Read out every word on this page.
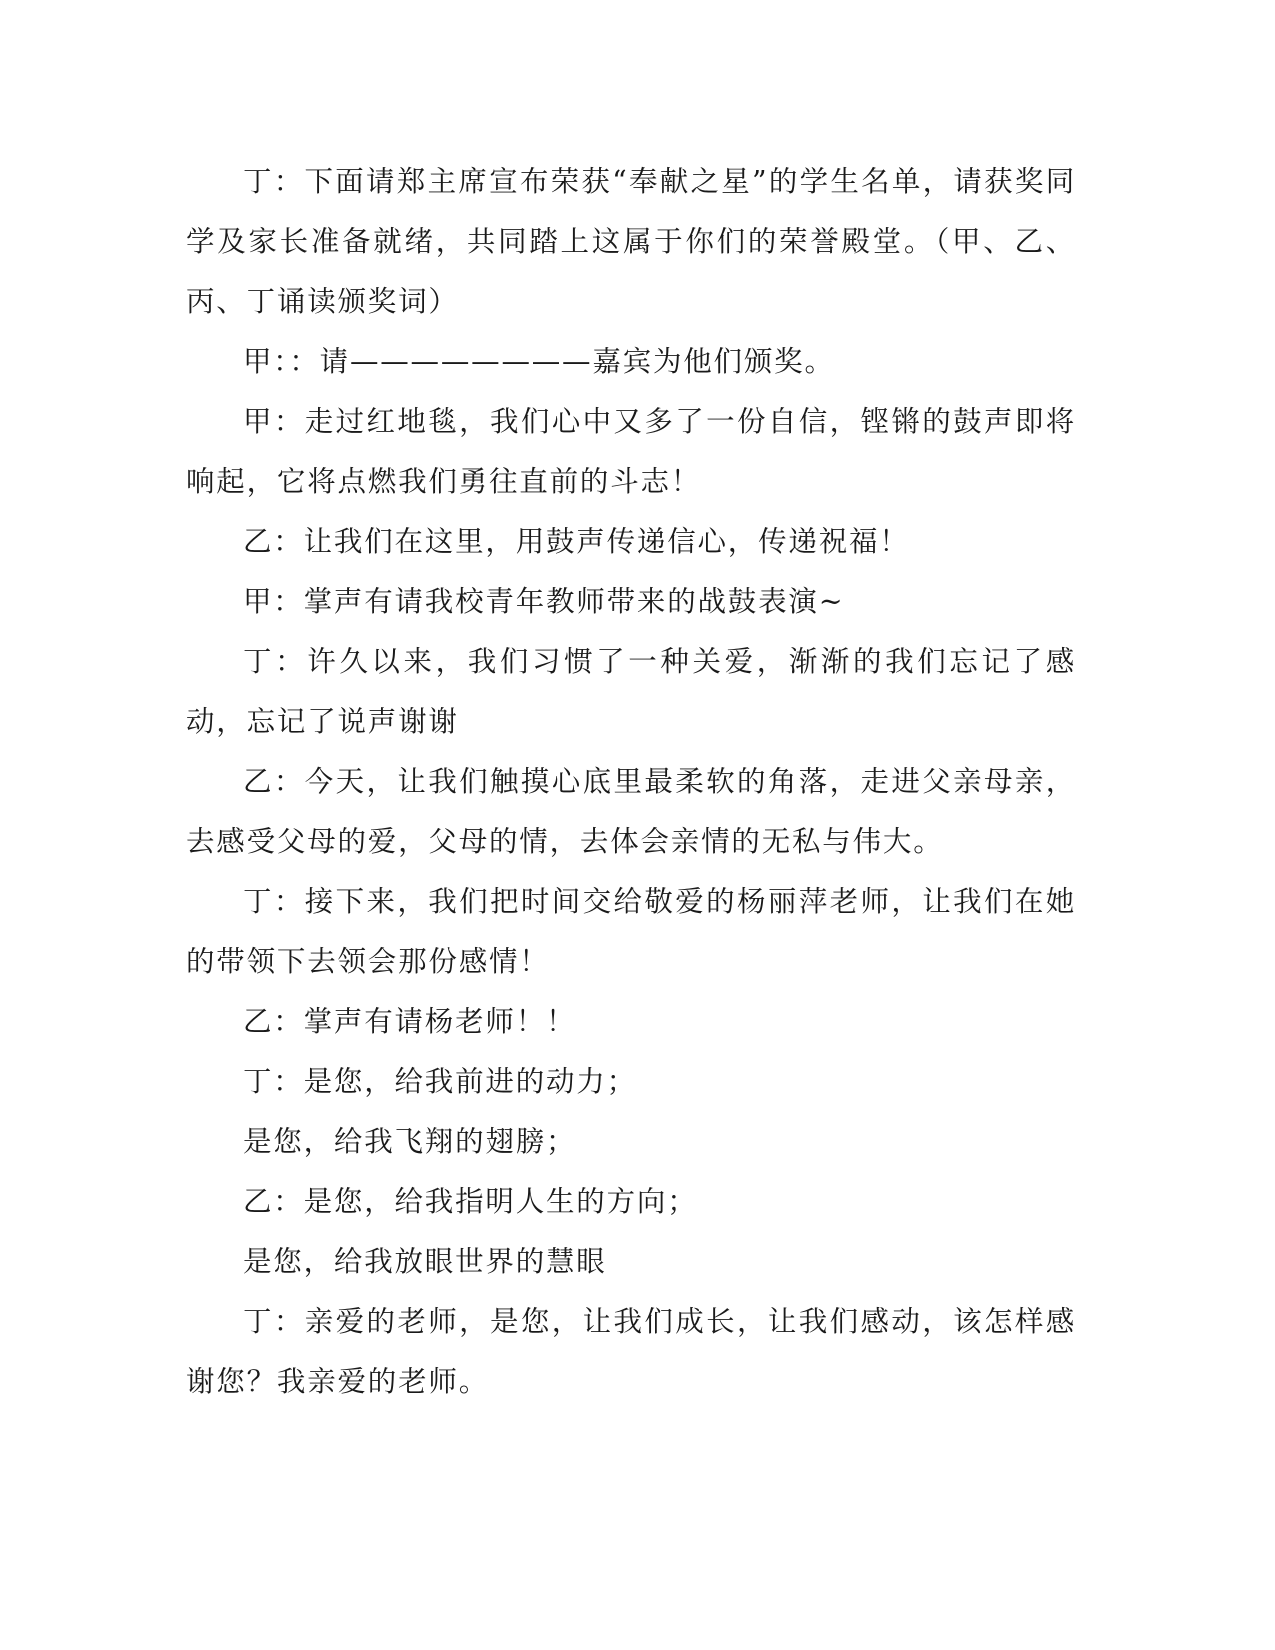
丁：下面请郑主席宣布荣获“奉献之星”的学生名单，请获奖同学及家长准备就绪，共同踏上这属于你们的荣誉殿堂。（甲、乙、丙、丁诵读颁奖词）

甲：：请————————嘉宾为他们颁奖。

甲：走过红地毯，我们心中又多了一份自信，铿锵的鼓声即将响起，它将点燃我们勇往直前的斗志！

乙：让我们在这里，用鼓声传递信心，传递祝福！

甲：掌声有请我校青年教师带来的战鼓表演~

丁：许久以来，我们习惯了一种关爱，渐渐的我们忘记了感动，忘记了说声谢谢

乙：今天，让我们触摸心底里最柔软的角落，走进父亲母亲，去感受父母的爱，父母的情，去体会亲情的无私与伟大。

丁：接下来，我们把时间交给敬爱的杨丽萍老师，让我们在她的带领下去领会那份感情！

乙：掌声有请杨老师！！

丁：是您，给我前进的动力；

是您，给我飞翔的翅膀；

乙：是您，给我指明人生的方向；

是您，给我放眼世界的慧眼

丁：亲爱的老师，是您，让我们成长，让我们感动，该怎样感谢您？我亲爱的老师。
